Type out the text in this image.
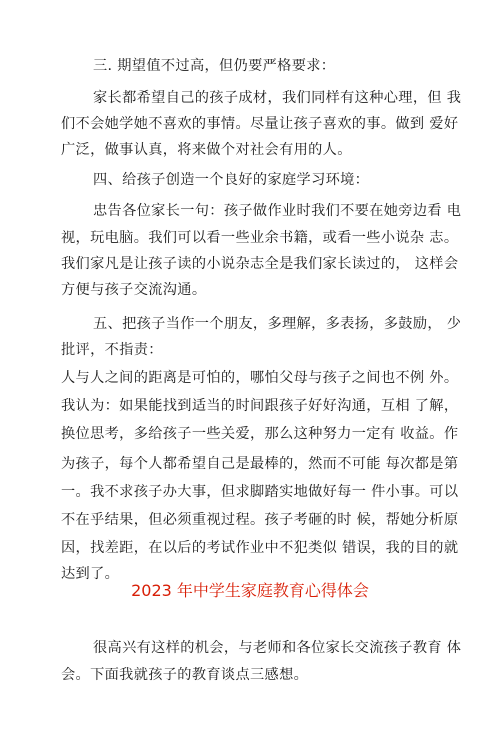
三. 期望值不过高，但仍要严格要求：

家长都希望自己的孩子成材，我们同样有这种心理，但 我

们不会她学她不喜欢的事情。尽量让孩子喜欢的事。做到 爱好

广泛，做事认真，将来做个对社会有用的人。

四、给孩子创造一个良好的家庭学习环境：

忠告各位家长一句：孩子做作业时我们不要在她旁边看 电

视，玩电脑。我们可以看一些业余书籍，或看一些小说杂 志。

我们家凡是让孩子读的小说杂志全是我们家长读过的， 这样会

方便与孩子交流沟通。

五、把孩子当作一个朋友，多理解，多表扬，多鼓励， 少

批评，不指责：

人与人之间的距离是可怕的，哪怕父母与孩子之间也不例 外。

我认为：如果能找到适当的时间跟孩子好好沟通，互相 了解，

换位思考，多给孩子一些关爱，那么这种努力一定有 收益。作

为孩子，每个人都希望自己是最棒的，然而不可能 每次都是第

一。我不求孩子办大事，但求脚踏实地做好每一 件小事。可以

不在乎结果，但必须重视过程。孩子考砸的时 候，帮她分析原

因，找差距，在以后的考试作业中不犯类似 错误，我的目的就

达到了。

2023 年中学生家庭教育心得体会

很高兴有这样的机会，与老师和各位家长交流孩子教育 体

会。下面我就孩子的教育谈点三感想。
